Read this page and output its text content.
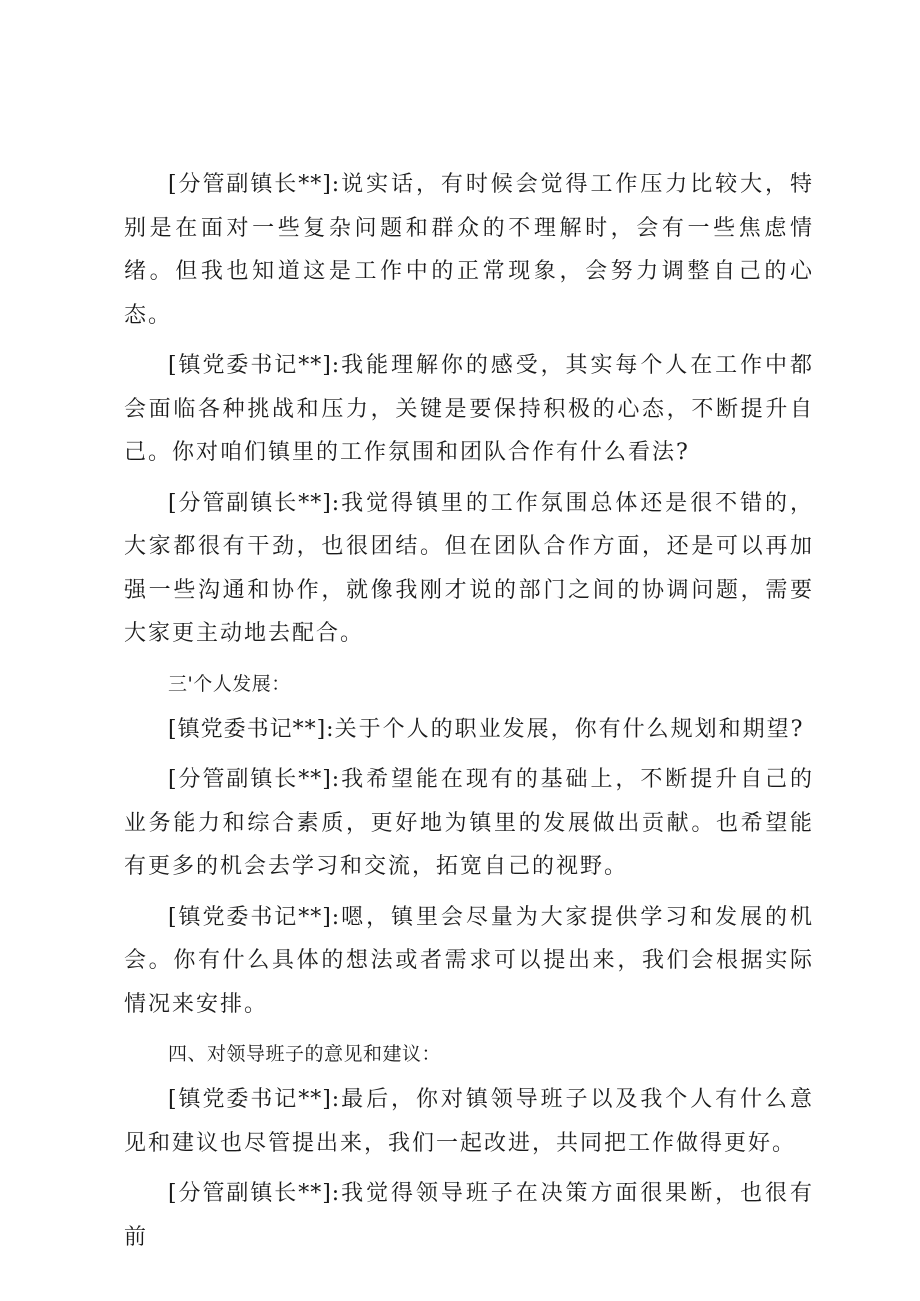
[分管副镇长**]:说实话，有时候会觉得工作压力比较大，特别是在面对一些复杂问题和群众的不理解时，会有一些焦虑情绪。但我也知道这是工作中的正常现象，会努力调整自己的心态。

[镇党委书记**]:我能理解你的感受，其实每个人在工作中都会面临各种挑战和压力，关键是要保持积极的心态，不断提升自己。你对咱们镇里的工作氛围和团队合作有什么看法?

[分管副镇长**]:我觉得镇里的工作氛围总体还是很不错的，大家都很有干劲，也很团结。但在团队合作方面，还是可以再加强一些沟通和协作，就像我刚才说的部门之间的协调问题，需要大家更主动地去配合。

三'个人发展：

[镇党委书记**]:关于个人的职业发展，你有什么规划和期望?

[分管副镇长**]:我希望能在现有的基础上，不断提升自己的业务能力和综合素质，更好地为镇里的发展做出贡献。也希望能有更多的机会去学习和交流，拓宽自己的视野。

[镇党委书记**]:嗯，镇里会尽量为大家提供学习和发展的机会。你有什么具体的想法或者需求可以提出来，我们会根据实际情况来安排。

四、对领导班子的意见和建议：

[镇党委书记**]:最后，你对镇领导班子以及我个人有什么意见和建议也尽管提出来，我们一起改进，共同把工作做得更好。

[分管副镇长**]:我觉得领导班子在决策方面很果断，也很有前
